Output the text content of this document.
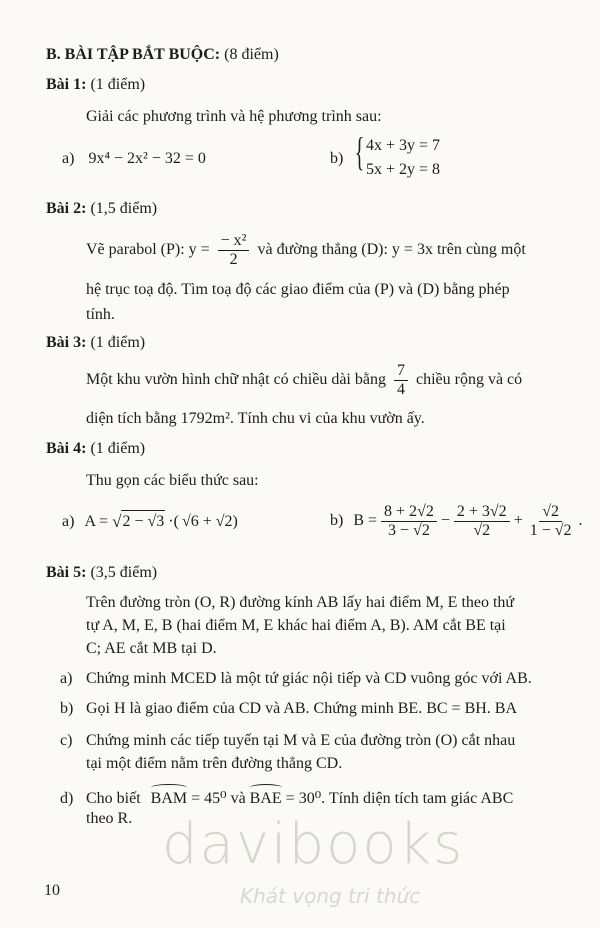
B. BÀI TẬP BẮT BUỘC: (8 điểm)
Bài 1: (1 điểm)
Giải các phương trình và hệ phương trình sau:
a) 9x⁴ − 2x² − 32 = 0	b) { 4x + 3y = 7
5x + 2y = 8
Bài 2: (1,5 điểm)
Vẽ parabol (P): $y = \frac{\text{− x²}}{2}$ và đường thẳng (D): y = 3x trên cùng một
hệ trục toạ độ. Tìm toạ độ các giao điểm của (P) và (D) bằng phép
tính.
Bài 3: (1 điểm)
Một khu vườn hình chữ nhật có chiều dài bằng $\frac{7}{4}$ chiều rộng và có
diện tích bằng 1792m². Tính chu vi của khu vườn ấy.
Bài 4: (1 điểm)
Thu gọn các biểu thức sau:
a) A = √ 2 − √3 ·( √6 + √2 )	b) $B = \frac{8 + 2√2}{3 - √2} - \frac{2 + 3√2}{√2} + \frac{√2}{1 - √2}$ .
Bài 5: (3,5 điểm)
Trên đường tròn (O, R) đường kính AB lấy hai điểm M, E theo thứ
tự A, M, E, B (hai điểm M, E khác hai điểm A, B). AM cắt BE tại
C; AE cắt MB tại D.
a) Chứng minh MCED là một tứ giác nội tiếp và CD vuông góc với AB.
b) Gọi H là giao điểm của CD và AB. Chứng minh BE. BC = BH. BA
c) Chứng minh các tiếp tuyến tại M và E của đường tròn (O) cắt nhau
tại một điểm nằm trên đường thẳng CD.
d) Cho biết BAM = 45⁰ và BAE = 30⁰. Tính diện tích tam giác ABC
theo R. davibooks
Khát vọng tri thức
10
